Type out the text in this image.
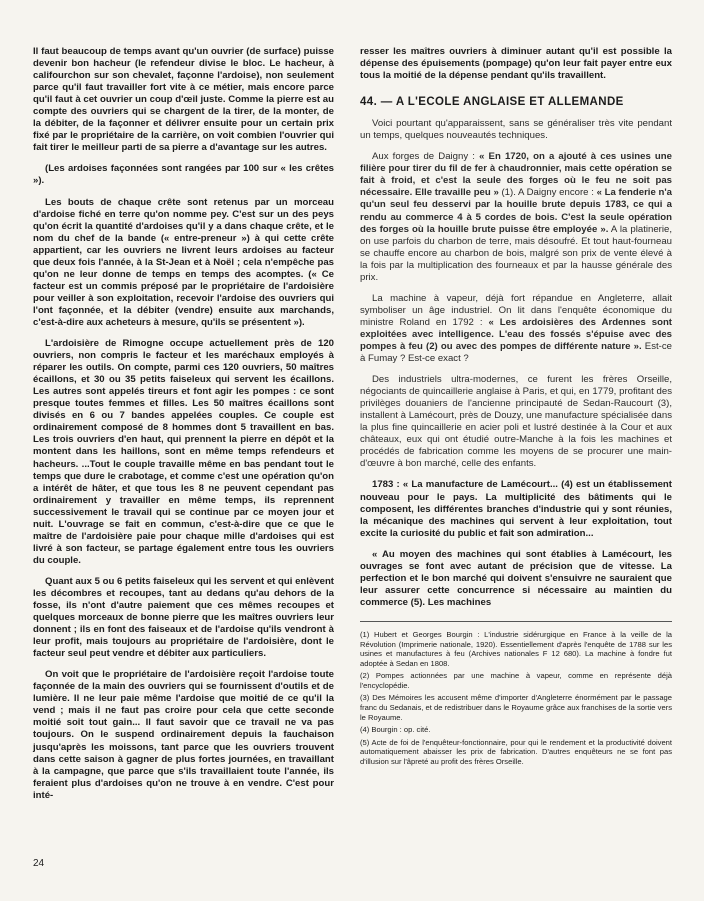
Il faut beaucoup de temps avant qu'un ouvrier (de surface) puisse devenir bon hacheur (le refendeur divise le bloc. Le hacheur, à califourchon sur son chevalet, façonne l'ardoise), non seulement parce qu'il faut travailler fort vite à ce métier, mais encore parce qu'il faut à cet ouvrier un coup d'œil juste. Comme la pierre est au compte des ouvriers qui se chargent de la tirer, de la monter, de la débiter, de la façonner et délivrer ensuite pour un certain prix fixé par le propriétaire de la carrière, on voit combien l'ouvrier qui fait tirer le meilleur parti de sa pierre a d'avantage sur les autres.

(Les ardoises façonnées sont rangées par 100 sur « les crêtes »).

Les bouts de chaque crête sont retenus par un morceau d'ardoise fiché en terre qu'on nomme pey. C'est sur un des peys qu'on écrit la quantité d'ardoises qu'il y a dans chaque crête, et le nom du chef de la bande (« entre-preneur ») à qui cette crête appartient, car les ouvriers ne livrent leurs ardoises au facteur que deux fois l'année, à la St-Jean et à Noël ; cela n'empêche pas qu'on ne leur donne de temps en temps des acomptes. (« Ce facteur est un commis préposé par le propriétaire de l'ardoisière pour veiller à son exploitation, recevoir l'ardoise des ouvriers qui l'ont façonnée, et la débiter (vendre) ensuite aux marchands, c'est-à-dire aux acheteurs à mesure, qu'ils se présentent »).

L'ardoisière de Rimogne occupe actuellement près de 120 ouvriers, non compris le facteur et les maréchaux employés à réparer les outils. On compte, parmi ces 120 ouvriers, 50 maîtres écaillons, et 30 ou 35 petits faiseleux qui servent les écaillons. Les autres sont appelés tireurs et font agir les pompes : ce sont presque toutes femmes et filles. Les 50 maîtres écaillons sont divisés en 6 ou 7 bandes appelées couples. Ce couple est ordinairement composé de 8 hommes dont 5 travaillent en bas. Les trois ouvriers d'en haut, qui prennent la pierre en dépôt et la montent dans les haillons, sont en même temps refendeurs et hacheurs. ...Tout le couple travaille même en bas pendant tout le temps que dure le crabotage, et comme c'est une opération qu'on a intérêt de hâter, et que tous les 8 ne peuvent cependant pas ordinairement y travailler en même temps, ils reprennent successivement le travail qui se continue par ce moyen jour et nuit. L'ouvrage se fait en commun, c'est-à-dire que ce que le maître de l'ardoisière paie pour chaque mille d'ardoises qui est livré à son facteur, se partage également entre tous les ouvriers du couple.

Quant aux 5 ou 6 petits faiseleux qui les servent et qui enlèvent les décombres et recoupes, tant au dedans qu'au dehors de la fosse, ils n'ont d'autre paiement que ces mêmes recoupes et quelques morceaux de bonne pierre que les maîtres ouvriers leur donnent ; ils en font des faiseaux et de l'ardoise qu'ils vendront à leur profit, mais toujours au propriétaire de l'ardoisière, dont le facteur seul peut vendre et débiter aux particuliers.

On voit que le propriétaire de l'ardoisière reçoit l'ardoise toute façonnée de la main des ouvriers qui se fournissent d'outils et de lumière. Il ne leur paie même l'ardoise que moitié de ce qu'il la vend ; mais il ne faut pas croire pour cela que cette seconde moitié soit tout gain... Il faut savoir que ce travail ne va pas toujours. On le suspend ordinairement depuis la fauchaison jusqu'après les moissons, tant parce que les ouvriers trouvent dans cette saison à gagner de plus fortes journées, en travaillant à la campagne, que parce que s'ils travaillaient toute l'année, ils feraient plus d'ardoises qu'on ne trouve à en vendre. C'est pour inté-

resser les maîtres ouvriers à diminuer autant qu'il est possible la dépense des épuisements (pompage) qu'on leur fait payer entre eux tous la moitié de la dépense pendant qu'ils travaillent.

44. — A L'ECOLE ANGLAISE ET ALLEMANDE

Voici pourtant qu'apparaissent, sans se généraliser très vite pendant un temps, quelques nouveautés techniques.

Aux forges de Daigny : « En 1720, on a ajouté à ces usines une filière pour tirer du fil de fer à chaudronnier, mais cette opération se fait à froid, et c'est la seule des forges où le feu ne soit pas nécessaire. Elle travaille peu » (1). A Daigny encore : « La fenderie n'a qu'un seul feu desservi par la houille brute depuis 1783, ce qui a rendu au commerce 4 à 5 cordes de bois. C'est la seule opération des forges où la houille brute puisse être employée ». A la platinerie, on use parfois du charbon de terre, mais désoufré. Et tout haut-fourneau se chauffe encore au charbon de bois, malgré son prix de vente élevé à la fois par la multiplication des fourneaux et par la hausse générale des prix.

La machine à vapeur, déjà fort répandue en Angleterre, allait symboliser un âge industriel. On lit dans l'enquête économique du ministre Roland en 1792 : « Les ardoisières des Ardennes sont exploitées avec intelligence. L'eau des fossés s'épuise avec des pompes à feu (2) ou avec des pompes de différente nature ». Est-ce à Fumay ? Est-ce exact ?

Des industriels ultra-modernes, ce furent les frères Orseille, négociants de quincaillerie anglaise à Paris, et qui, en 1779, profitant des privilèges douaniers de l'ancienne principauté de Sedan-Raucourt (3), installent à Lamécourt, près de Douzy, une manufacture spécialisée dans la plus fine quincaillerie en acier poli et lustré destinée à la Cour et aux châteaux, eux qui ont étudié outre-Manche à la fois les machines et procédés de fabrication comme les moyens de se procurer une main-d'œuvre à bon marché, celle des enfants.

1783 : « La manufacture de Lamécourt... (4) est un établissement nouveau pour le pays. La multiplicité des bâtiments qui le composent, les différentes branches d'industrie qui y sont réunies, la mécanique des machines qui servent à leur exploitation, tout excite la curiosité du public et fait son admiration...

« Au moyen des machines qui sont établies à Lamécourt, les ouvrages se font avec autant de précision que de vitesse. La perfection et le bon marché qui doivent s'ensuivre ne sauraient que leur assurer cette concurrence si nécessaire au maintien du commerce (5). Les machines

(1) Hubert et Georges Bourgin : L'industrie sidérurgique en France à la veille de la Révolution (Imprimerie nationale, 1920). Essentiellement d'après l'enquête de 1788 sur les usines et manufactures à feu (Archives nationales F 12 680). La machine à fondre fut adoptée à Sedan en 1808.

(2) Pompes actionnées par une machine à vapeur, comme en représente déjà l'encyclopédie.

(3) Des Mémoires les accusent même d'importer d'Angleterre énormément par le passage franc du Sedanais, et de redistribuer dans le Royaume grâce aux franchises de la sortie vers le Royaume.

(4) Bourgin : op. cité.

(5) Acte de foi de l'enquêteur-fonctionnaire, pour qui le rendement et la productivité doivent automatiquement abaisser les prix de fabrication. D'autres enquêteurs ne se font pas d'illusion sur l'âpreté au profit des frères Orseille.

24
